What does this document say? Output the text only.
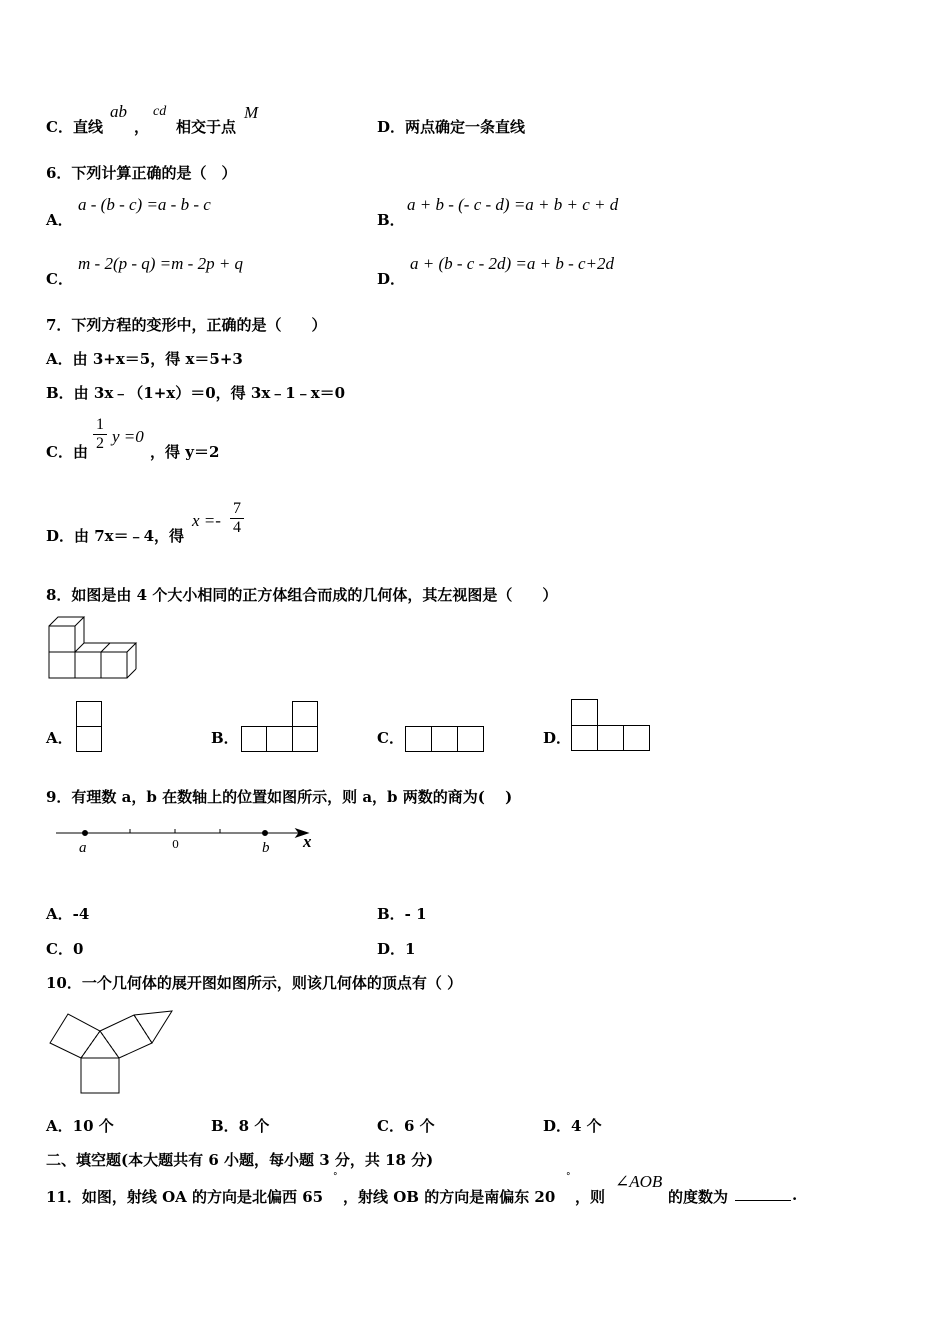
C．直线
ab
，
cd
相交于点
M
D．两点确定一条直线
6．下列计算正确的是（　）
A．
a - (b - c) =a - b - c
B．
a + b - (- c - d) =a + b + c + d
C．
m - 2(p - q) =m - 2p + q
D．
a + (b - c - 2d) =a + b - c+2d
7．下列方程的变形中，正确的是（　　）
A．由 3+x＝5，得 x＝5+3
B．由 3x﹣（1+x）＝0，得 3x﹣1﹣x＝0
C．由 $\frac{1}{2}$ y =0
，得 y＝2
D．由 7x＝﹣4，得
$x =- \frac{7}{4}$
8．如图是由 4 个大小相同的正方体组合而成的几何体，其左视图是（　　）
A．	B．	C．	D．
9．有理数 a，b 在数轴上的位置如图所示，则 a，b 两数的商为(　 )
a	0	b x
A．-4	B．- 1
C．0	D．1
10．一个几何体的展开图如图所示，则该几何体的顶点有（ ）
A．10 个	B．8 个	C．6 个	D．4 个
二、填空题(本大题共有 6 小题，每小题 3 分，共 18 分)
11．如图，射线 OA 的方向是北偏西 65
°
，射线 OB 的方向是南偏东 20
°
，则
∠AOB
的度数为	.
